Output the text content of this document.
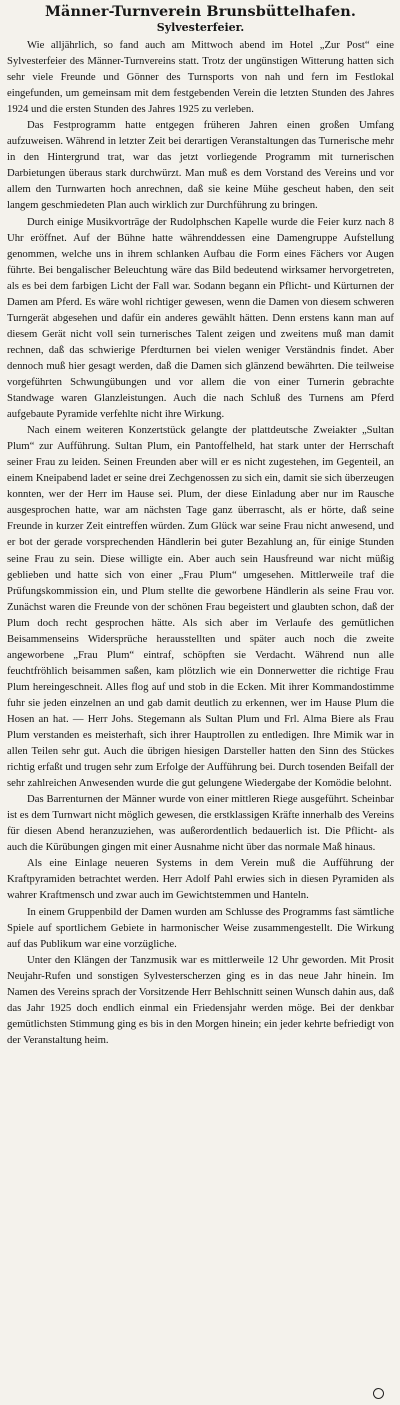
Männer-Turnverein Brunsbüttelhafen.
Sylvesterfeier.

Wie alljährlich, so fand auch am Mittwoch abend im Hotel „Zur Post“ eine Sylvesterfeier des Männer-Turnvereins statt. Trotz der ungünstigen Witterung hatten sich sehr viele Freunde und Gönner des Turnsports von nah und fern im Festlokal eingefunden, um gemeinsam mit dem festgebenden Verein die letzten Stunden des Jahres 1924 und die ersten Stunden des Jahres 1925 zu verleben.

Das Festprogramm hatte entgegen früheren Jahren einen großen Umfang aufzuweisen. Während in letzter Zeit bei derartigen Veranstaltungen das Turnerische mehr in den Hintergrund trat, war das jetzt vorliegende Programm mit turnerischen Darbietungen überaus stark durchwürzt. Man muß es dem Vorstand des Vereins und vor allem den Turnwarten hoch anrechnen, daß sie keine Mühe gescheut haben, den seit langem geschmiedeten Plan auch wirklich zur Durchführung zu bringen.

Durch einige Musikvorträge der Rudolphschen Kapelle wurde die Feier kurz nach 8 Uhr eröffnet. Auf der Bühne hatte währenddessen eine Damengruppe Aufstellung genommen, welche uns in ihrem schlanken Aufbau die Form eines Fächers vor Augen führte. Bei bengalischer Beleuchtung wäre das Bild bedeutend wirksamer hervorgetreten, als es bei dem farbigen Licht der Fall war. Sodann begann ein Pflicht- und Kürturnen der Damen am Pferd. Es wäre wohl richtiger gewesen, wenn die Damen von diesem schweren Turngerät abgesehen und dafür ein anderes gewählt hätten. Denn erstens kann man auf diesem Gerät nicht voll sein turnerisches Talent zeigen und zweitens muß man damit rechnen, daß das schwierige Pferdturnen bei vielen weniger Verständnis findet. Aber dennoch muß hier gesagt werden, daß die Damen sich glänzend bewährten. Die teilweise vorgeführten Schwungübungen und vor allem die von einer Turnerin gebrachte Standwage waren Glanzleistungen. Auch die nach Schluß des Turnens am Pferd aufgebaute Pyramide verfehlte nicht ihre Wirkung.

Nach einem weiteren Konzertstück gelangte der plattdeutsche Zweiakter „Sultan Plum“ zur Aufführung. Sultan Plum, ein Pantoffelheld, hat stark unter der Herrschaft seiner Frau zu leiden. Seinen Freunden aber will er es nicht zugestehen, im Gegenteil, an einem Kneipabend ladet er seine drei Zechgenossen zu sich ein, damit sie sich überzeugen konnten, wer der Herr im Hause sei. Plum, der diese Einladung aber nur im Rausche ausgesprochen hatte, war am nächsten Tage ganz überrascht, als er hörte, daß seine Freunde in kurzer Zeit eintreffen würden. Zum Glück war seine Frau nicht anwesend, und er bot der gerade vorsprechenden Händlerin bei guter Bezahlung an, für einige Stunden seine Frau zu sein. Diese willigte ein. Aber auch sein Hausfreund war nicht müßig geblieben und hatte sich von einer „Frau Plum“ umgesehen. Mittlerweile traf die Prüfungskommission ein, und Plum stellte die geworbene Händlerin als seine Frau vor. Zunächst waren die Freunde von der schönen Frau begeistert und glaubten schon, daß der Plum doch recht gesprochen hätte. Als sich aber im Verlaufe des gemütlichen Beisammenseins Widersprüche herausstellten und später auch noch die zweite angeworbene „Frau Plum“ eintraf, schöpften sie Verdacht. Während nun alle feuchtfröhlich beisammen saßen, kam plötzlich wie ein Donnerwetter die richtige Frau Plum hereingeschneit. Alles flog auf und stob in die Ecken. Mit ihrer Kommandostimme fuhr sie jeden einzelnen an und gab damit deutlich zu erkennen, wer im Hause Plum die Hosen an hat. — Herr Johs. Stegemann als Sultan Plum und Frl. Alma Biere als Frau Plum verstanden es meisterhaft, sich ihrer Hauptrollen zu entledigen. Ihre Mimik war in allen Teilen sehr gut. Auch die übrigen hiesigen Darsteller hatten den Sinn des Stückes richtig erfaßt und trugen sehr zum Erfolge der Aufführung bei. Durch tosenden Beifall der sehr zahlreichen Anwesenden wurde die gut gelungene Wiedergabe der Komödie belohnt.

Das Barrenturnen der Männer wurde von einer mittleren Riege ausgeführt. Scheinbar ist es dem Turnwart nicht möglich gewesen, die erstklassigen Kräfte innerhalb des Vereins für diesen Abend heranzuziehen, was außerordentlich bedauerlich ist. Die Pflicht- als auch die Kürübungen gingen mit einer Ausnahme nicht über das normale Maß hinaus.

Als eine Einlage neueren Systems in dem Verein muß die Aufführung der Kraftpyramiden betrachtet werden. Herr Adolf Pahl erwies sich in diesen Pyramiden als wahrer Kraftmensch und zwar auch im Gewichtstemmen und Hanteln.

In einem Gruppenbild der Damen wurden am Schlusse des Programms fast sämtliche Spiele auf sportlichem Gebiete in harmonischer Weise zusammengestellt. Die Wirkung auf das Publikum war eine vorzügliche.

Unter den Klängen der Tanzmusik war es mittlerweile 12 Uhr geworden. Mit Prosit Neujahr-Rufen und sonstigen Sylvesterscherzen ging es in das neue Jahr hinein. Im Namen des Vereins sprach der Vorsitzende Herr Behlschnitt seinen Wunsch dahin aus, daß das Jahr 1925 doch endlich einmal ein Friedensjahr werden möge. Bei der denkbar gemütlichsten Stimmung ging es bis in den Morgen hinein; ein jeder kehrte befriedigt von der Veranstaltung heim.
